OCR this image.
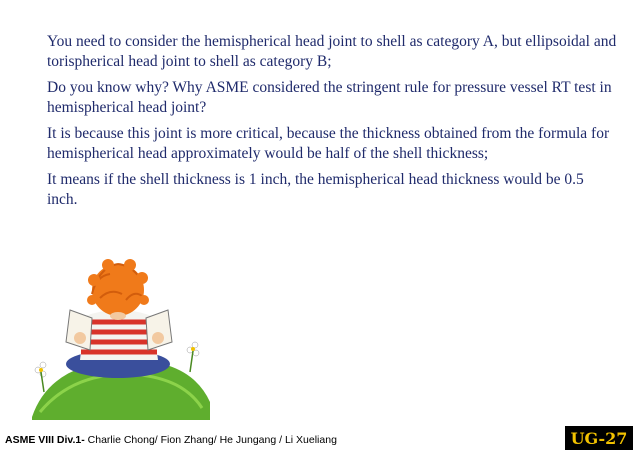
You need to consider the hemispherical head joint to shell as category A, but ellipsoidal and torispherical head joint to shell as category B;

Do you know why? Why ASME considered the stringent rule for pressure vessel RT test in hemispherical head joint?

It is because this joint is more critical, because the thickness obtained from the formula for hemispherical head approximately would be half of the shell thickness;

It means if the shell thickness is 1 inch, the hemispherical head thickness would be 0.5 inch.

ASME VIII Div.1- Charlie Chong/ Fion Zhang/ He Jungang / Li Xueliang	UG-27
